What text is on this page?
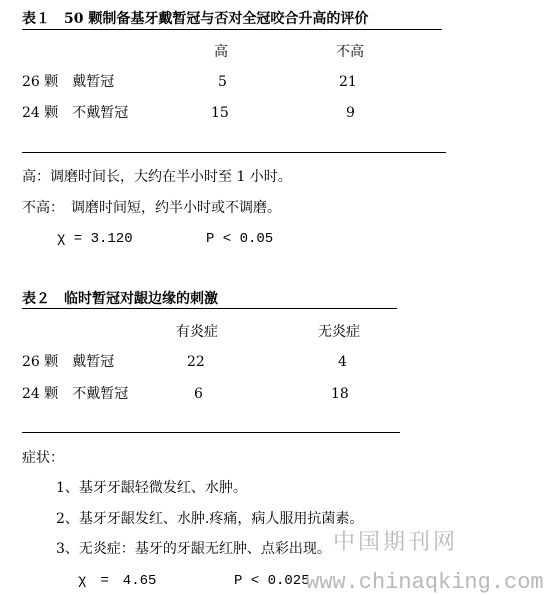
表１　50 颗制备基牙戴暂冠与否对全冠咬合升高的评价
高	不高
26 颗　戴暂冠	5	21
24 颗　不戴暂冠	15	9
高：调磨时间长，大约在半小时至 1 小时。
不高：　调磨时间短，约半小时或不调磨。
χ = 3.120	P < 0.05
表２　临时暂冠对龈边缘的刺激
有炎症	无炎症
26 颗　戴暂冠	22	4
24 颗　不戴暂冠	6	18
症状：
1、基牙牙龈轻微发红、水肿。
2、基牙牙龈发红、水肿.疼痛，病人服用抗菌素。
3、无炎症：基牙的牙龈无红肿、点彩出现。
χ　=　4.65	P < 0.025
中国期刊网
www.chinaqking.com
